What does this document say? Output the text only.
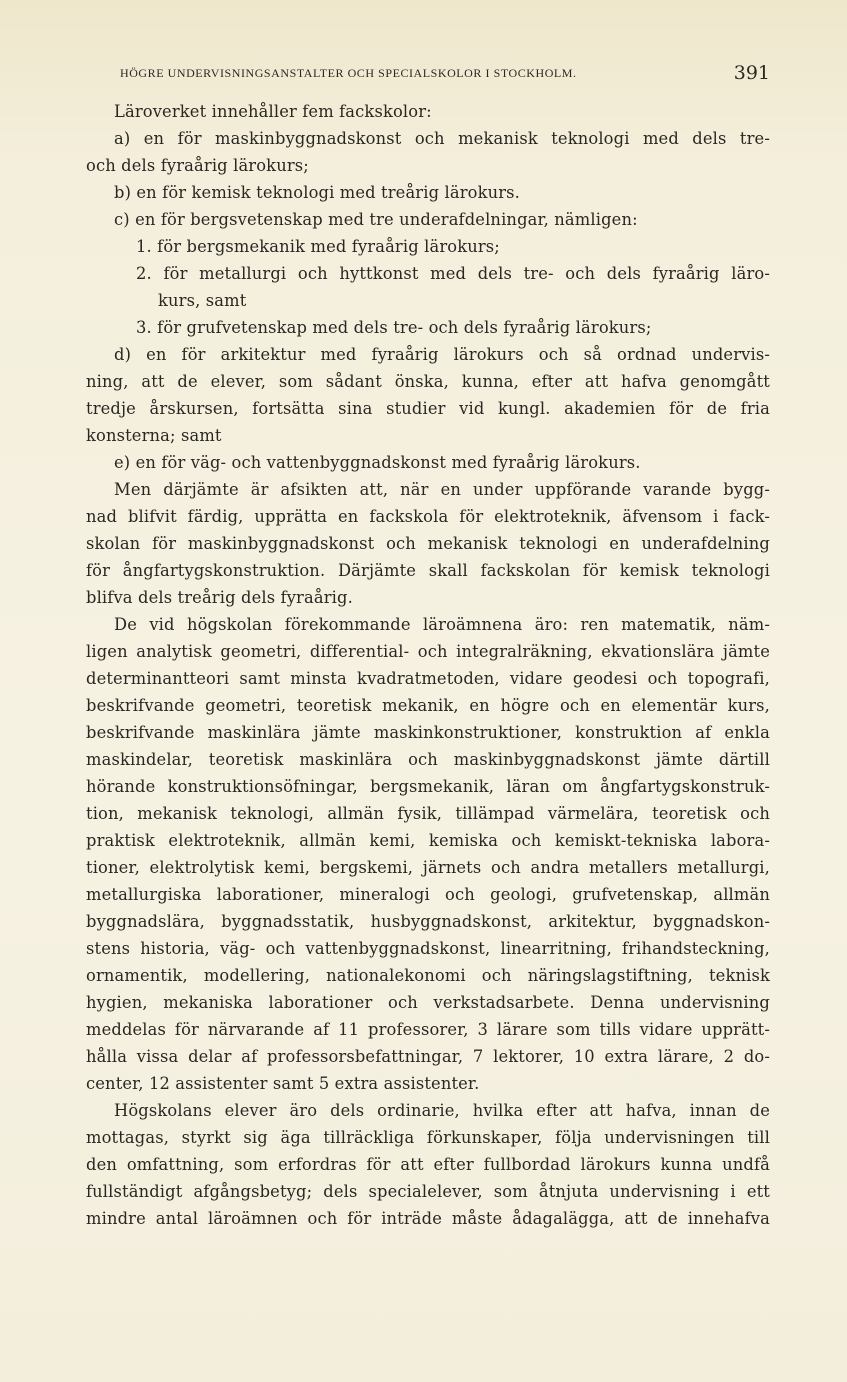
HÖGRE UNDERVISNINGSANSTALTER OCH SPECIALSKOLOR I STOCKHOLM.	391
Läroverket innehåller fem fackskolor:
a) en för maskinbyggnadskonst och mekanisk teknologi med dels tre-
och dels fyraårig lärokurs;
b) en för kemisk teknologi med treårig lärokurs.
c) en för bergsvetenskap med tre underafdelningar, nämligen:
1. för bergsmekanik med fyraårig lärokurs;
2. för metallurgi och hyttkonst med dels tre- och dels fyraårig läro-
kurs, samt
3. för grufvetenskap med dels tre- och dels fyraårig lärokurs;
d) en för arkitektur med fyraårig lärokurs och så ordnad undervis-
ning, att de elever, som sådant önska, kunna, efter att hafva genomgått
tredje årskursen, fortsätta sina studier vid kungl. akademien för de fria
konsterna; samt
e) en för väg- och vattenbyggnadskonst med fyraårig lärokurs.
Men därjämte är afsikten att, när en under uppförande varande bygg-
nad blifvit färdig, upprätta en fackskola för elektroteknik, äfvensom i fack-
skolan för maskinbyggnadskonst och mekanisk teknologi en underafdelning
för ångfartygskonstruktion. Därjämte skall fackskolan för kemisk teknologi
blifva dels treårig dels fyraårig.
De vid högskolan förekommande läroämnena äro: ren matematik, näm-
ligen analytisk geometri, differential- och integralräkning, ekvationslära jämte
determinantteori samt minsta kvadratmetoden, vidare geodesi och topografi,
beskrifvande geometri, teoretisk mekanik, en högre och en elementär kurs,
beskrifvande maskinlära jämte maskinkonstruktioner, konstruktion af enkla
maskindelar, teoretisk maskinlära och maskinbyggnadskonst jämte därtill
hörande konstruktionsöfningar, bergsmekanik, läran om ångfartygskonstruk-
tion, mekanisk teknologi, allmän fysik, tillämpad värmelära, teoretisk och
praktisk elektroteknik, allmän kemi, kemiska och kemiskt-tekniska labora-
tioner, elektrolytisk kemi, bergskemi, järnets och andra metallers metallurgi,
metallurgiska laborationer, mineralogi och geologi, grufvetenskap, allmän
byggnadslära, byggnadsstatik, husbyggnadskonst, arkitektur, byggnadskon-
stens historia, väg- och vattenbyggnadskonst, linearritning, frihandsteckning,
ornamentik, modellering, nationalekonomi och näringslagstiftning, teknisk
hygien, mekaniska laborationer och verkstadsarbete. Denna undervisning
meddelas för närvarande af 11 professorer, 3 lärare som tills vidare upprätt-
hålla vissa delar af professorsbefattningar, 7 lektorer, 10 extra lärare, 2 do-
center, 12 assistenter samt 5 extra assistenter.
Högskolans elever äro dels ordinarie, hvilka efter att hafva, innan de
mottagas, styrkt sig äga tillräckliga förkunskaper, följa undervisningen till
den omfattning, som erfordras för att efter fullbordad lärokurs kunna undfå
fullständigt afgångsbetyg; dels specialelever, som åtnjuta undervisning i ett
mindre antal läroämnen och för inträde måste ådagalägga, att de innehafva
